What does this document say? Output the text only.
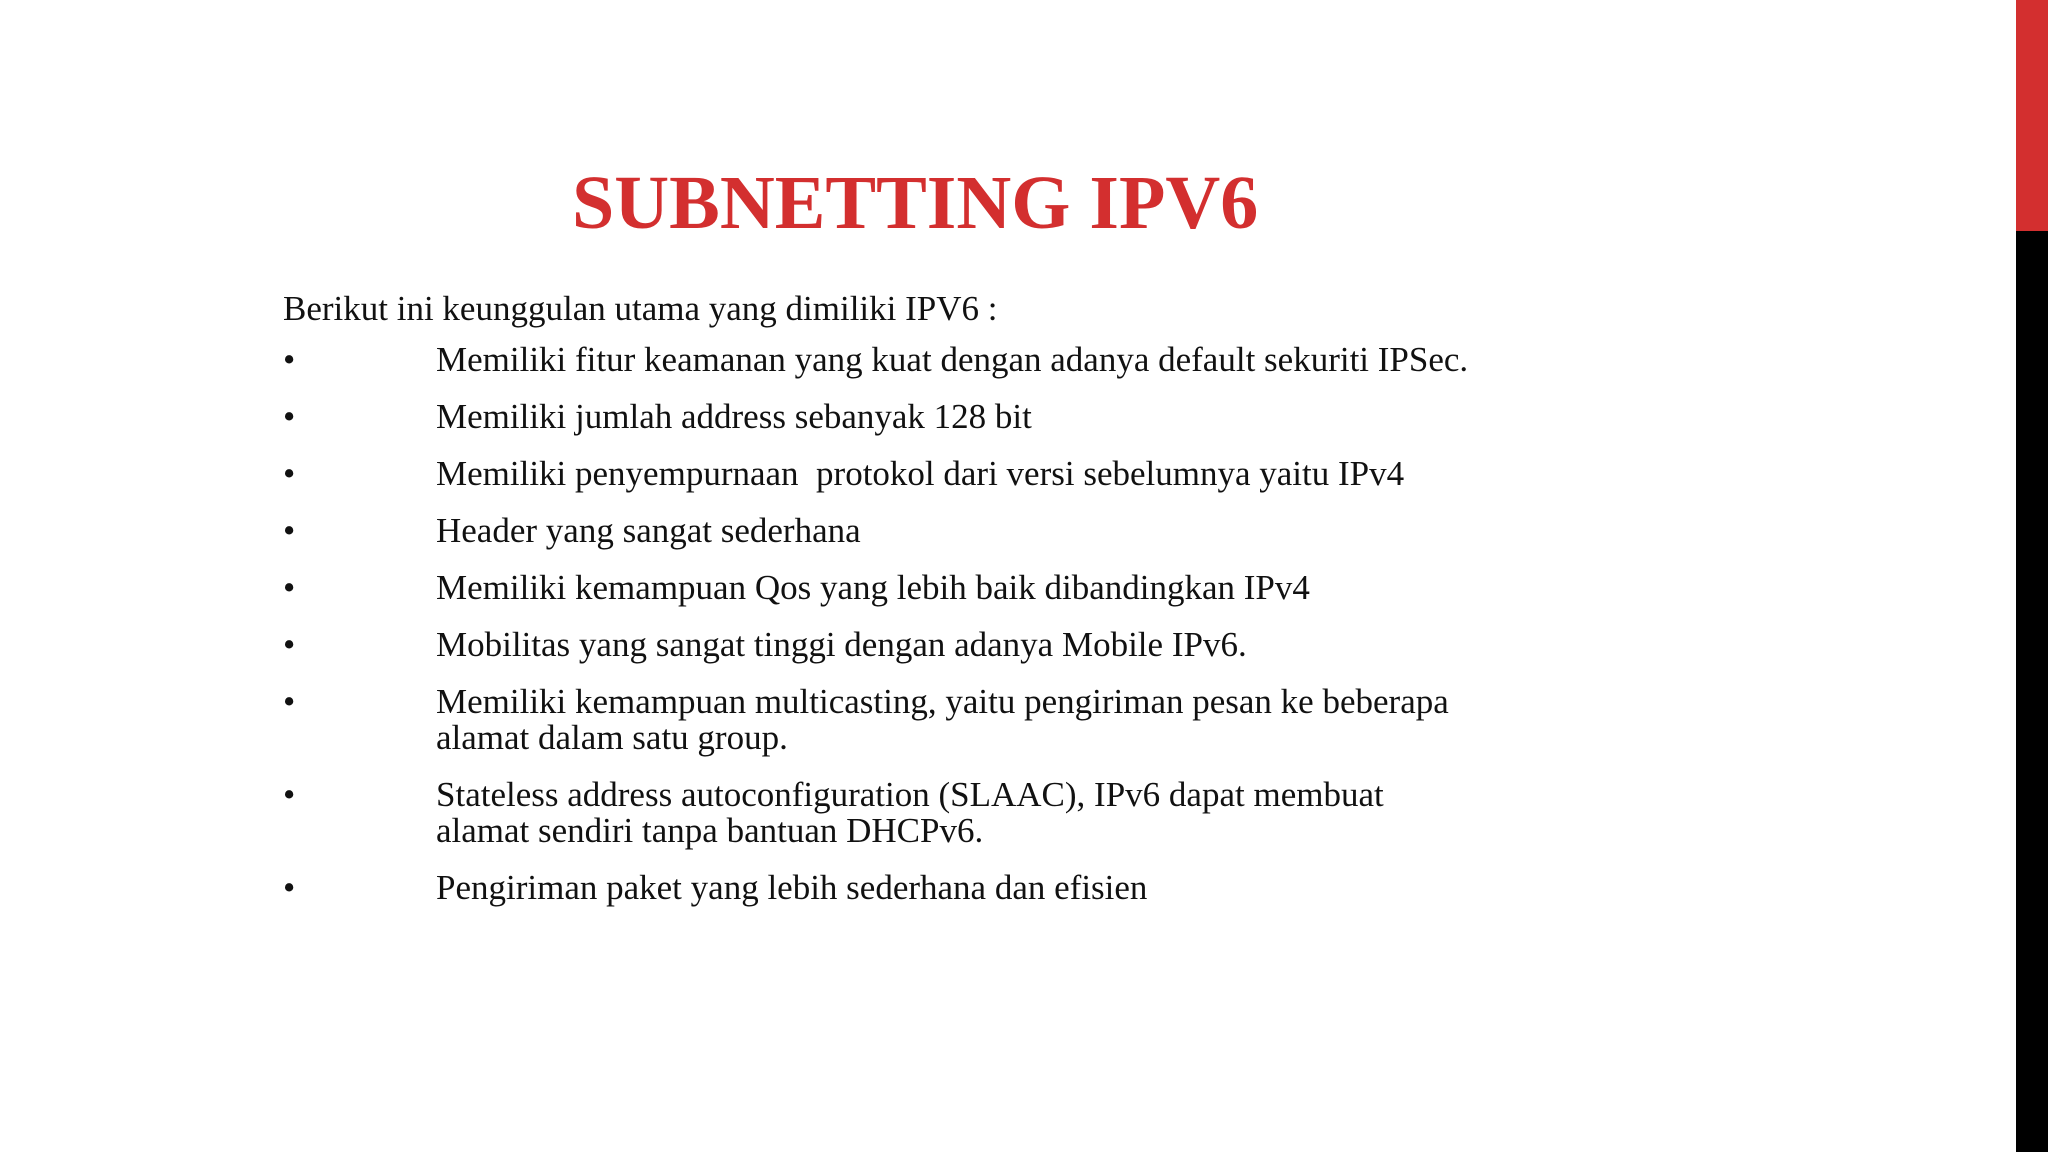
SUBNETTING IPV6

Berikut ini keunggulan utama yang dimiliki IPV6 :

•	Memiliki fitur keamanan yang kuat dengan adanya default sekuriti IPSec.
•	Memiliki jumlah address sebanyak 128 bit
•	Memiliki penyempurnaan  protokol dari versi sebelumnya yaitu IPv4
•	Header yang sangat sederhana
•	Memiliki kemampuan Qos yang lebih baik dibandingkan IPv4
•	Mobilitas yang sangat tinggi dengan adanya Mobile IPv6.
•	Memiliki kemampuan multicasting, yaitu pengiriman pesan ke beberapa
alamat dalam satu group.
•	Stateless address autoconfiguration (SLAAC), IPv6 dapat membuat
alamat sendiri tanpa bantuan DHCPv6.
•	Pengiriman paket yang lebih sederhana dan efisien
